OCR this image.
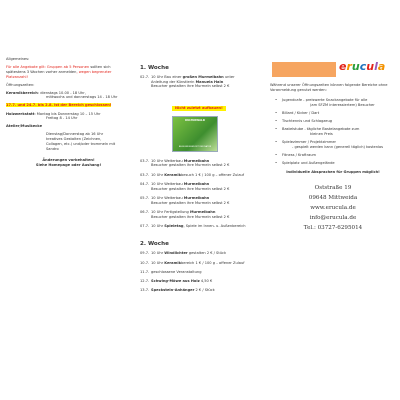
Allgemeines:
Für alle Angebote gilt: Gruppen ab 5 Personen sollten sich
spätestens 3 Wochen vorher anmelden, wegen begrenzter
Platzanzahl!
Öffnungszeiten:
Keramikbereich: dienstags 10.00 - 18 Uhr,
mittwochs und donnerstags 14 - 18 Uhr
17.7. und 24.7. bis 2.8. ist der Bereich geschlossen!
Holzwerkstatt: Montag bis Donnerstag 10 – 15 Uhr
Freitag 8 - 14 Uhr
Atelier/Musikecke
Dienstag/Donnerstag ab 16 Uhr
kreatives Gestalten (Zeichnen,
Collagen, etc.) und/oder trommeln mit
Sandro
Änderungen vorbehalten!
Siehe Homepage oder Aushang!
1. Woche
02.7. 10 Uhr Bau einer großen Murmelbahn unter
Anleitung der Künstlerin Manuela Hain
Besucher gestalten ihre Murmeln selbst 2 €
Nicht zuletzt aufbauen!
KULTURWALD
BEGEGNUNGEN MIT DER NATUR
03.7. 10 Uhr Weiterbau Murmelbahn
Besucher gestalten ihre Murmeln selbst 2 €
03.7. 10 Uhr Keramikbesuch 1 € / 100 g – offener Zulauf
04.7. 10 Uhr Weiterbau Murmelbahn
Besucher gestalten ihre Murmeln selbst 2 €
05.7. 10 Uhr Weiterbau Murmelbahn
Besucher gestalten ihre Murmeln selbst 2 €
06.7. 10 Uhr Fertigstellung Murmelbahn
Besucher gestalten ihre Murmeln selbst 2 €
07.7. 10 Uhr Spieletag, Spiele im Innen- u. Außenbereich
2. Woche
09.7. 10 Uhr Windlichter gestalten 2 € / Stück
10.7. 10 Uhr Keramikbereich 1 € / 100 g – offener Zulauf
11.7. geschlossene Veranstaltung
12.7. Schwing-Möwe aus Holz 4,50 €
13.7. Speckstein-Anhänger 2 € / Stück
erucula
Während unserer Öffnungszeiten können folgende Bereiche ohne Voranmeldung genutzt werden:
•	Jugendcafe - preiswerte Snackangebote für alle
(am SFZM interessiertem) Besucher
•	Billard / Kicker / Dart
•	Tischtennis und Schlagzeug
•	Bastelstube - tägliche Bastelangebote zum
kleinen Preis
•	Spielezimmer / Projektzimmer
- gespielt werden kann (generell täglich) kostenlos
•	Fitness / Kraftraum
•	Spielplatz und Außengelände
Individuelle Absprachen für Gruppen möglich!
Oststraße 19
09648 Mittweida
www.erucula.de
info@erucula.de
Tel.: 03727-6295014
